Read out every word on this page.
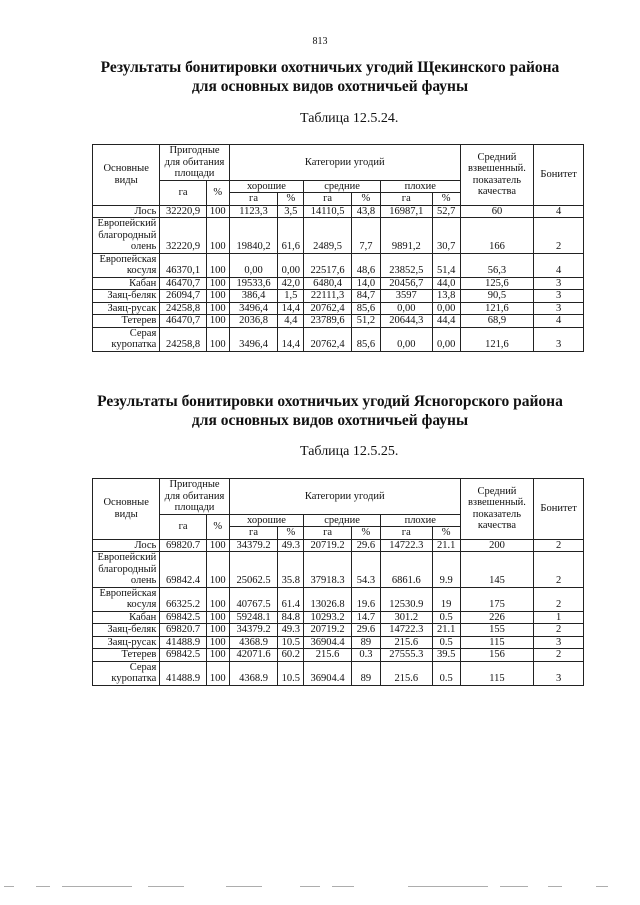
813
Результаты бонитировки охотничьих угодий Щекинского района
для основных видов охотничьей фауны
Таблица 12.5.24.
Основные виды	Пригодные для обитания площади		Категории угодий						Средний взвешенный. показатель качества	Бонитет
	га	%	хорошие		средние		плохие			
			га	%	га	%	га	%		
Лось	32220,9	100	1123,3	3,5	14110,5	43,8	16987,1	52,7	60	4
Европейский благородный олень	32220,9	100	19840,2	61,6	2489,5	7,7	9891,2	30,7	166	2
Европейская косуля	46370,1	100	0,00	0,00	22517,6	48,6	23852,5	51,4	56,3	4
Кабан	46470,7	100	19533,6	42,0	6480,4	14,0	20456,7	44,0	125,6	3
Заяц-беляк	26094,7	100	386,4	1,5	22111,3	84,7	3597	13,8	90,5	3
Заяц-русак	24258,8	100	3496,4	14,4	20762,4	85,6	0,00	0,00	121,6	3
Тетерев	46470,7	100	2036,8	4,4	23789,6	51,2	20644,3	44,4	68,9	4
Серая куропатка	24258,8	100	3496,4	14,4	20762,4	85,6	0,00	0,00	121,6	3
Результаты бонитировки охотничьих угодий Ясногорского района
для основных видов охотничьей фауны
Таблица 12.5.25.
Основные виды	Пригодные для обитания площади		Категории угодий						Средний взвешенный. показатель качества	Бонитет
	га	%	хорошие		средние		плохие			
			га	%	га	%	га	%		
Лось	69820.7	100	34379.2	49.3	20719.2	29.6	14722.3	21.1	200	2
Европейский благородный олень	69842.4	100	25062.5	35.8	37918.3	54.3	6861.6	9.9	145	2
Европейская косуля	66325.2	100	40767.5	61.4	13026.8	19.6	12530.9	19	175	2
Кабан	69842.5	100	59248.1	84.8	10293.2	14.7	301.2	0.5	226	1
Заяц-беляк	69820.7	100	34379.2	49.3	20719.2	29.6	14722.3	21.1	155	2
Заяц-русак	41488.9	100	4368.9	10.5	36904.4	89	215.6	0.5	115	3
Тетерев	69842.5	100	42071.6	60.2	215.6	0.3	27555.3	39.5	156	2
Серая куропатка	41488.9	100	4368.9	10.5	36904.4	89	215.6	0.5	115	3
